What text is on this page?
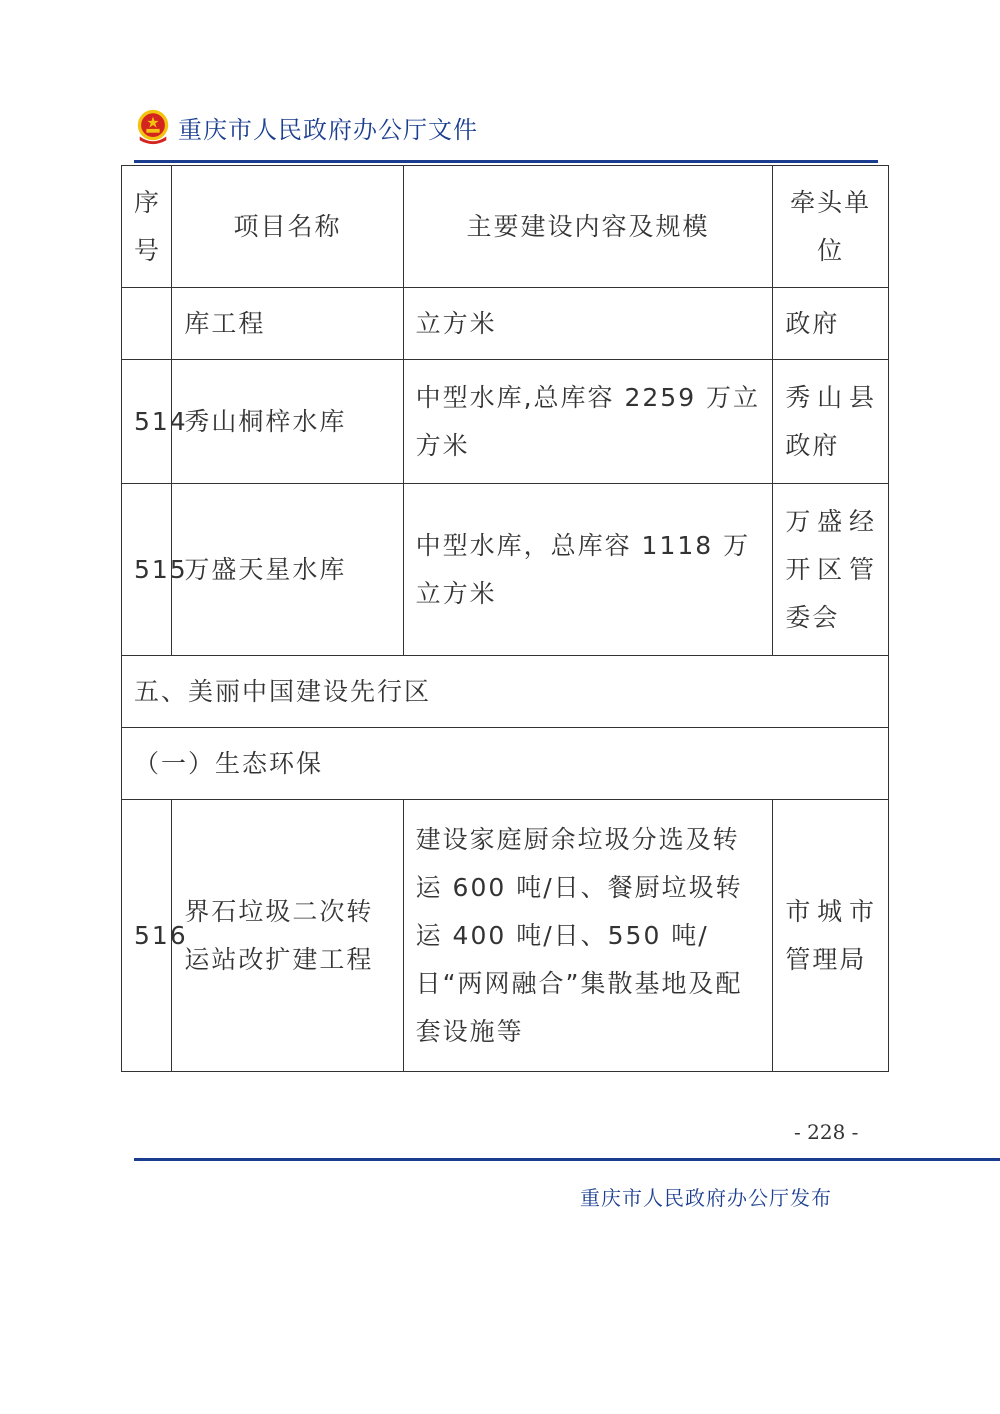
重庆市人民政府办公厅文件
序号	项目名称	主要建设内容及规模	牵头单位
	库工程	立方米	政府
514	秀山桐梓水库	中型水库,总库容 2259 万立方米	秀山县政府
515	万盛天星水库	中型水库，总库容 1118 万立方米	万盛经开区管委会
五、美丽中国建设先行区			
（一）生态环保			
516	界石垃圾二次转运站改扩建工程	建设家庭厨余垃圾分选及转运 600 吨/日、餐厨垃圾转运 400 吨/日、550 吨/日“两网融合”集散基地及配套设施等	市城市管理局
- 228 -
重庆市人民政府办公厅发布
